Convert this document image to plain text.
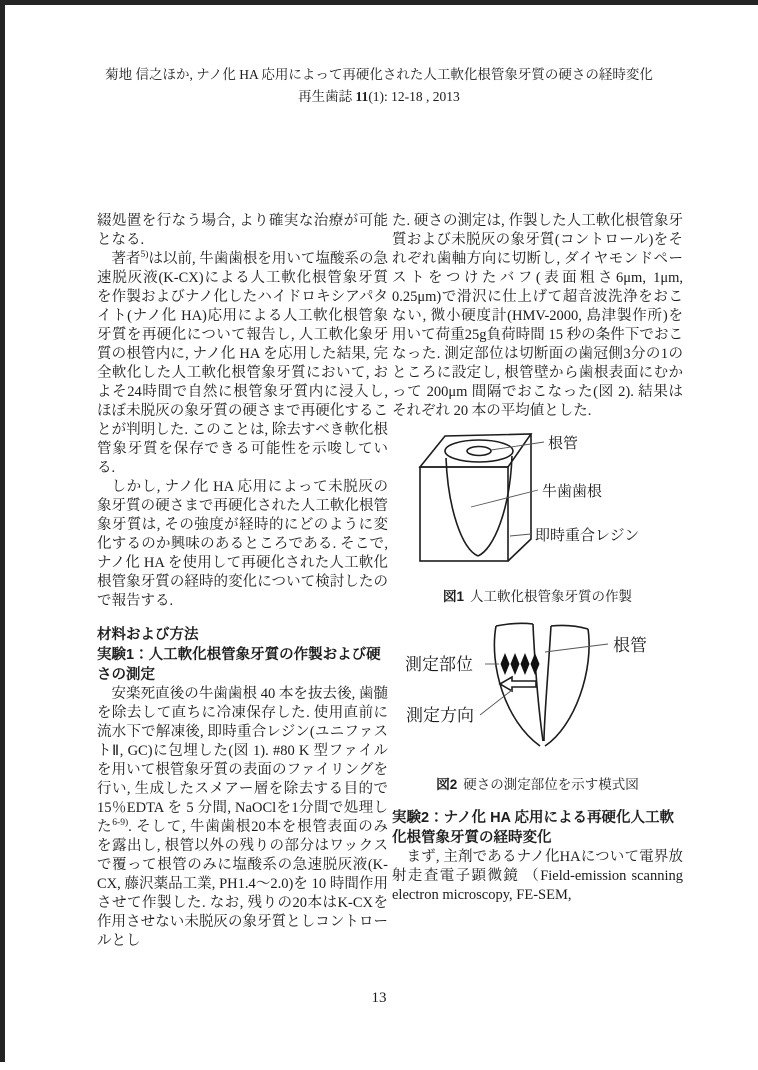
菊地 信之ほか, ナノ化 HA 応用によって再硬化された人工軟化根管象牙質の硬さの経時変化
再生歯誌 11(1): 12-18 , 2013

綴処置を行なう場合, より確実な治療が可能となる.

著者$^{5)}$は以前, 牛歯歯根を用いて塩酸系の急速脱灰液(K-CX)による人工軟化根管象牙質を作製およびナノ化したハイドロキシアパタイト(ナノ化 HA)応用による人工軟化根管象牙質を再硬化について報告し, 人工軟化象牙質の根管内に, ナノ化 HA を応用した結果, 完全軟化した人工軟化根管象牙質において, およそ24時間で自然に根管象牙質内に浸入し, ほぼ未脱灰の象牙質の硬さまで再硬化することが判明した. このことは, 除去すべき軟化根管象牙質を保存できる可能性を示唆している.

しかし, ナノ化 HA 応用によって未脱灰の象牙質の硬さまで再硬化された人工軟化根管象牙質は, その強度が経時的にどのように変化するのか興味のあるところである. そこで, ナノ化 HA を使用して再硬化された人工軟化根管象牙質の経時的変化について検討したので報告する.

材料および方法
実験1：人工軟化根管象牙質の作製および硬さの測定

安楽死直後の牛歯歯根 40 本を抜去後, 歯髄を除去して直ちに冷凍保存した. 使用直前に流水下で解凍後, 即時重合レジン(ユニファストⅡ, GC)に包埋した(図 1). #80 K 型ファイルを用いて根管象牙質の表面のファイリングを行い, 生成したスメアー層を除去する目的で 15％EDTA を 5 分間, NaOClを1分間で処理した$^{6-9)}$. そして, 牛歯歯根20本を根管表面のみを露出し, 根管以外の残りの部分はワックスで覆って根管のみに塩酸系の急速脱灰液(K-CX, 藤沢薬品工業, PH1.4～2.0)を 10 時間作用させて作製した. なお, 残りの20本はK-CXを作用させない未脱灰の象牙質としコントロールとし

た. 硬さの測定は, 作製した人工軟化根管象牙質および未脱灰の象牙質(コントロール)をそれぞれ歯軸方向に切断し, ダイヤモンドペーストをつけたバフ(表面粗さ6μm, 1μm, 0.25μm)で滑沢に仕上げて超音波洗浄をおこない, 微小硬度計(HMV-2000, 島津製作所)を用いて荷重25g負荷時間 15 秒の条件下でおこなった. 測定部位は切断面の歯冠側3分の1のところに設定し, 根管壁から歯根表面にむかって 200μm 間隔でおこなった(図 2). 結果はそれぞれ 20 本の平均値とした.

根管
牛歯歯根
即時重合レジン
図1 人工軟化根管象牙質の作製
測定部位
根管
測定方向
図2 硬さの測定部位を示す模式図
実験2：ナノ化 HA 応用による再硬化人工軟化根管象牙質の経時変化

まず, 主剤であるナノ化HAについて電界放射走査電子顕微鏡 （Field-emission scanning electron microscopy, FE-SEM,

13
